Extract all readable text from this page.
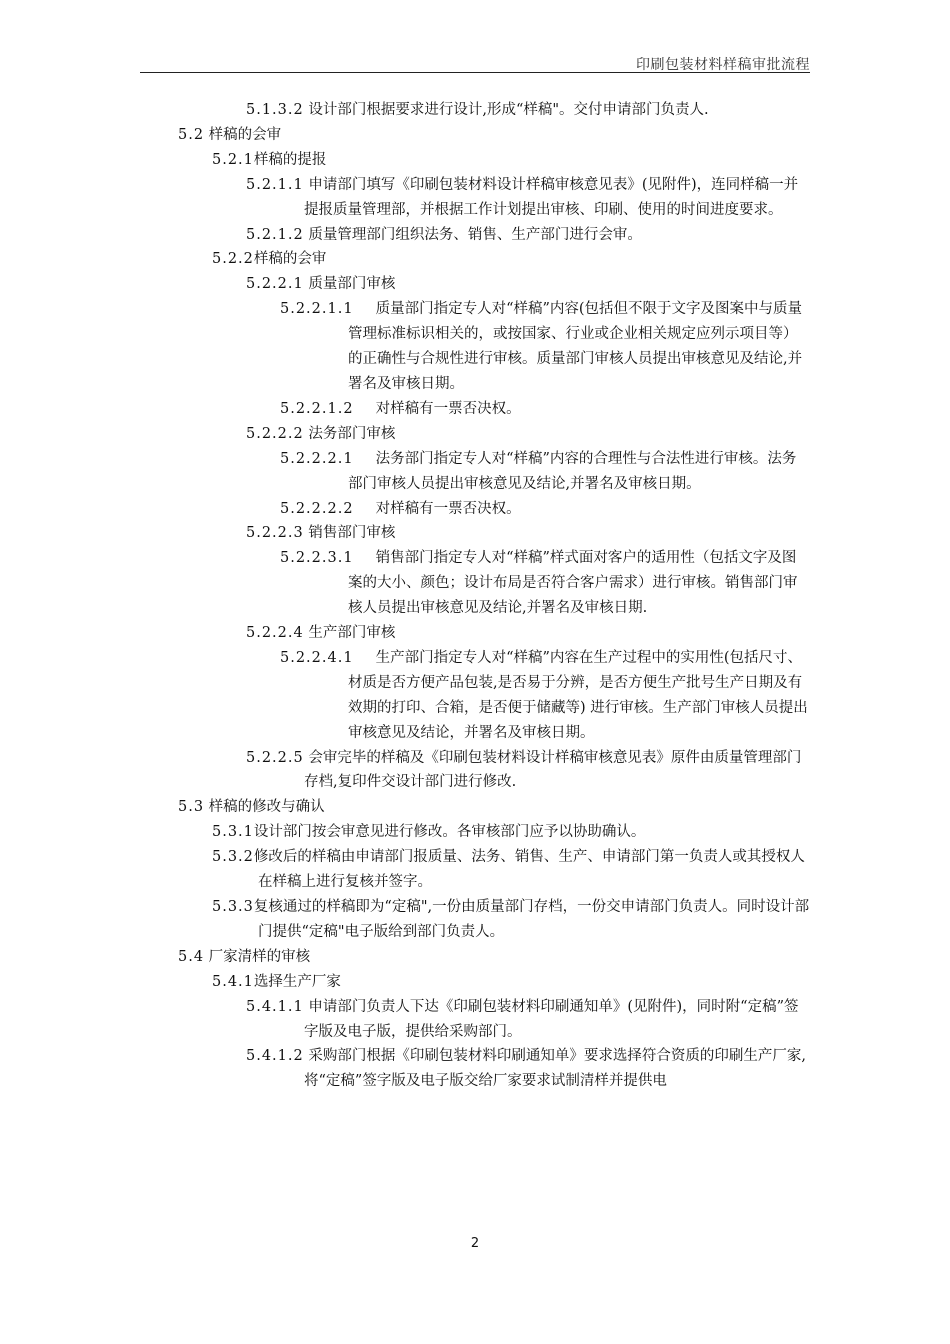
印刷包装材料样稿审批流程

5.1.3.2 设计部门根据要求进行设计,形成“样稿"。交付申请部门负责人.

5.2 样稿的会审

5.2.1样稿的提报

5.2.1.1 申请部门填写《印刷包装材料设计样稿审核意见表》(见附件)，连同样稿一并提报质量管理部，并根据工作计划提出审核、印刷、使用的时间进度要求。

5.2.1.2 质量管理部门组织法务、销售、生产部门进行会审。

5.2.2样稿的会审

5.2.2.1 质量部门审核

5.2.2.1.1 质量部门指定专人对“样稿”内容(包括但不限于文字及图案中与质量管理标准标识相关的，或按国家、行业或企业相关规定应列示项目等）的正确性与合规性进行审核。质量部门审核人员提出审核意见及结论,并署名及审核日期。

5.2.2.1.2 对样稿有一票否决权。

5.2.2.2 法务部门审核

5.2.2.2.1 法务部门指定专人对“样稿”内容的合理性与合法性进行审核。法务部门审核人员提出审核意见及结论,并署名及审核日期。

5.2.2.2.2 对样稿有一票否决权。

5.2.2.3 销售部门审核

5.2.2.3.1 销售部门指定专人对“样稿”样式面对客户的适用性（包括文字及图案的大小、颜色；设计布局是否符合客户需求）进行审核。销售部门审核人员提出审核意见及结论,并署名及审核日期.

5.2.2.4 生产部门审核

5.2.2.4.1 生产部门指定专人对“样稿”内容在生产过程中的实用性(包括尺寸、材质是否方便产品包装,是否易于分辨，是否方便生产批号生产日期及有效期的打印、合箱，是否便于储藏等) 进行审核。生产部门审核人员提出审核意见及结论，并署名及审核日期。

5.2.2.5 会审完毕的样稿及《印刷包装材料设计样稿审核意见表》原件由质量管理部门存档,复印件交设计部门进行修改.

5.3 样稿的修改与确认

5.3.1设计部门按会审意见进行修改。各审核部门应予以协助确认。

5.3.2修改后的样稿由申请部门报质量、法务、销售、生产、申请部门第一负责人或其授权人在样稿上进行复核并签字。

5.3.3复核通过的样稿即为“定稿",一份由质量部门存档，一份交申请部门负责人。同时设计部门提供“定稿"电子版给到部门负责人。

5.4 厂家清样的审核

5.4.1选择生产厂家

5.4.1.1 申请部门负责人下达《印刷包装材料印刷通知单》(见附件)，同时附“定稿”签字版及电子版，提供给采购部门。

5.4.1.2 采购部门根据《印刷包装材料印刷通知单》要求选择符合资质的印刷生产厂家,将“定稿”签字版及电子版交给厂家要求试制清样并提供电

2
